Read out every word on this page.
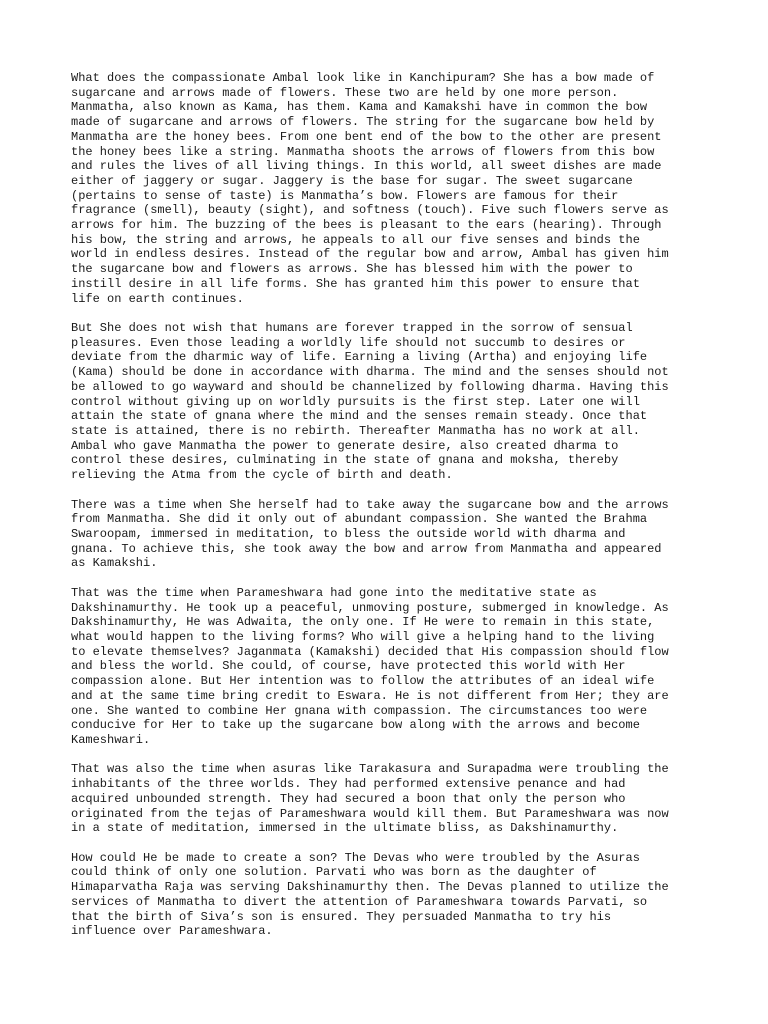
What does the compassionate Ambal look like in Kanchipuram? She has a bow made of
sugarcane and arrows made of flowers. These two are held by one more person.
Manmatha, also known as Kama, has them. Kama and Kamakshi have in common the bow
made of sugarcane and arrows of flowers. The string for the sugarcane bow held by
Manmatha are the honey bees. From one bent end of the bow to the other are present
the honey bees like a string. Manmatha shoots the arrows of flowers from this bow
and rules the lives of all living things. In this world, all sweet dishes are made
either of jaggery or sugar. Jaggery is the base for sugar. The sweet sugarcane
(pertains to sense of taste) is Manmatha’s bow. Flowers are famous for their
fragrance (smell), beauty (sight), and softness (touch). Five such flowers serve as
arrows for him. The buzzing of the bees is pleasant to the ears (hearing). Through
his bow, the string and arrows, he appeals to all our five senses and binds the
world in endless desires. Instead of the regular bow and arrow, Ambal has given him
the sugarcane bow and flowers as arrows. She has blessed him with the power to
instill desire in all life forms. She has granted him this power to ensure that
life on earth continues.

But She does not wish that humans are forever trapped in the sorrow of sensual
pleasures. Even those leading a worldly life should not succumb to desires or
deviate from the dharmic way of life. Earning a living (Artha) and enjoying life
(Kama) should be done in accordance with dharma. The mind and the senses should not
be allowed to go wayward and should be channelized by following dharma. Having this
control without giving up on worldly pursuits is the first step. Later one will
attain the state of gnana where the mind and the senses remain steady. Once that
state is attained, there is no rebirth. Thereafter Manmatha has no work at all.
Ambal who gave Manmatha the power to generate desire, also created dharma to
control these desires, culminating in the state of gnana and moksha, thereby
relieving the Atma from the cycle of birth and death.

There was a time when She herself had to take away the sugarcane bow and the arrows
from Manmatha. She did it only out of abundant compassion. She wanted the Brahma
Swaroopam, immersed in meditation, to bless the outside world with dharma and
gnana. To achieve this, she took away the bow and arrow from Manmatha and appeared
as Kamakshi.

That was the time when Parameshwara had gone into the meditative state as
Dakshinamurthy. He took up a peaceful, unmoving posture, submerged in knowledge. As
Dakshinamurthy, He was Adwaita, the only one. If He were to remain in this state,
what would happen to the living forms? Who will give a helping hand to the living
to elevate themselves? Jaganmata (Kamakshi) decided that His compassion should flow
and bless the world. She could, of course, have protected this world with Her
compassion alone. But Her intention was to follow the attributes of an ideal wife
and at the same time bring credit to Eswara. He is not different from Her; they are
one. She wanted to combine Her gnana with compassion. The circumstances too were
conducive for Her to take up the sugarcane bow along with the arrows and become
Kameshwari.

That was also the time when asuras like Tarakasura and Surapadma were troubling the
inhabitants of the three worlds. They had performed extensive penance and had
acquired unbounded strength. They had secured a boon that only the person who
originated from the tejas of Parameshwara would kill them. But Parameshwara was now
in a state of meditation, immersed in the ultimate bliss, as Dakshinamurthy.

How could He be made to create a son? The Devas who were troubled by the Asuras
could think of only one solution. Parvati who was born as the daughter of
Himaparvatha Raja was serving Dakshinamurthy then. The Devas planned to utilize the
services of Manmatha to divert the attention of Parameshwara towards Parvati, so
that the birth of Siva’s son is ensured. They persuaded Manmatha to try his
influence over Parameshwara.
